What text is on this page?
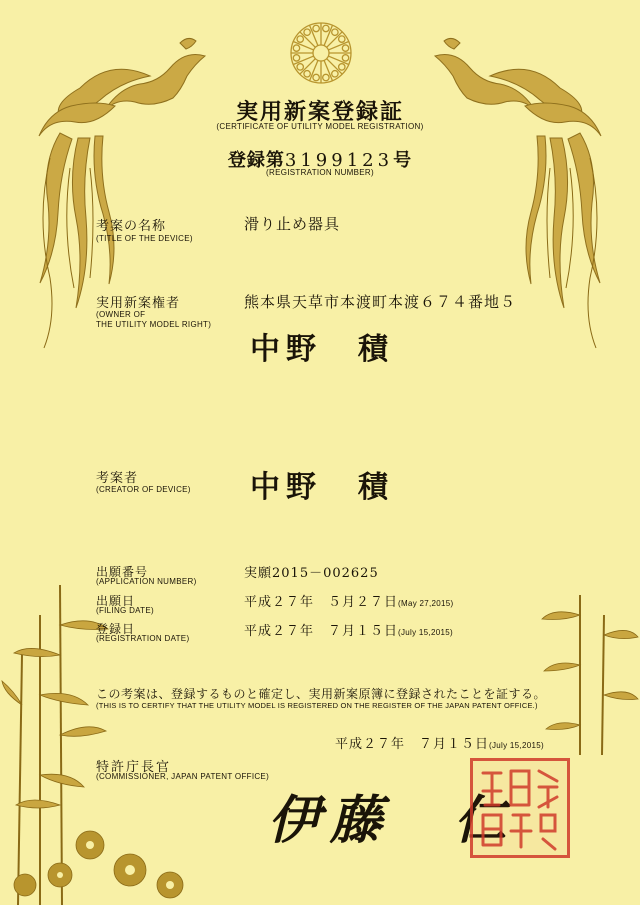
実用新案登録証
(CERTIFICATE OF UTILITY MODEL REGISTRATION)
登録第3199123号
(REGISTRATION NUMBER)
考案の名称
(TITLE OF THE DEVICE)
滑り止め器具
実用新案権者
(OWNER OF
THE UTILITY MODEL RIGHT)
熊本県天草市本渡町本渡６７４番地５
中野　積
考案者
(CREATOR OF DEVICE) 中野　積
出願番号
(APPLICATION NUMBER)
実願2015－002625
出願日
(FILING DATE)
平成２７年　５月２７日(May 27,2015)
登録日
(REGISTRATION DATE)	平成２７年　７月１５日(July 15,2015)
この考案は、登録するものと確定し、実用新案原簿に登録されたことを証する。
(THIS IS TO CERTIFY THAT THE UTILITY MODEL IS REGISTERED ON THE REGISTER OF THE JAPAN PATENT OFFICE.)
平成２７年　７月１５日(July 15,2015)
特許庁長官
(COMMISSIONER, JAPAN PATENT OFFICE)
伊藤　仁
